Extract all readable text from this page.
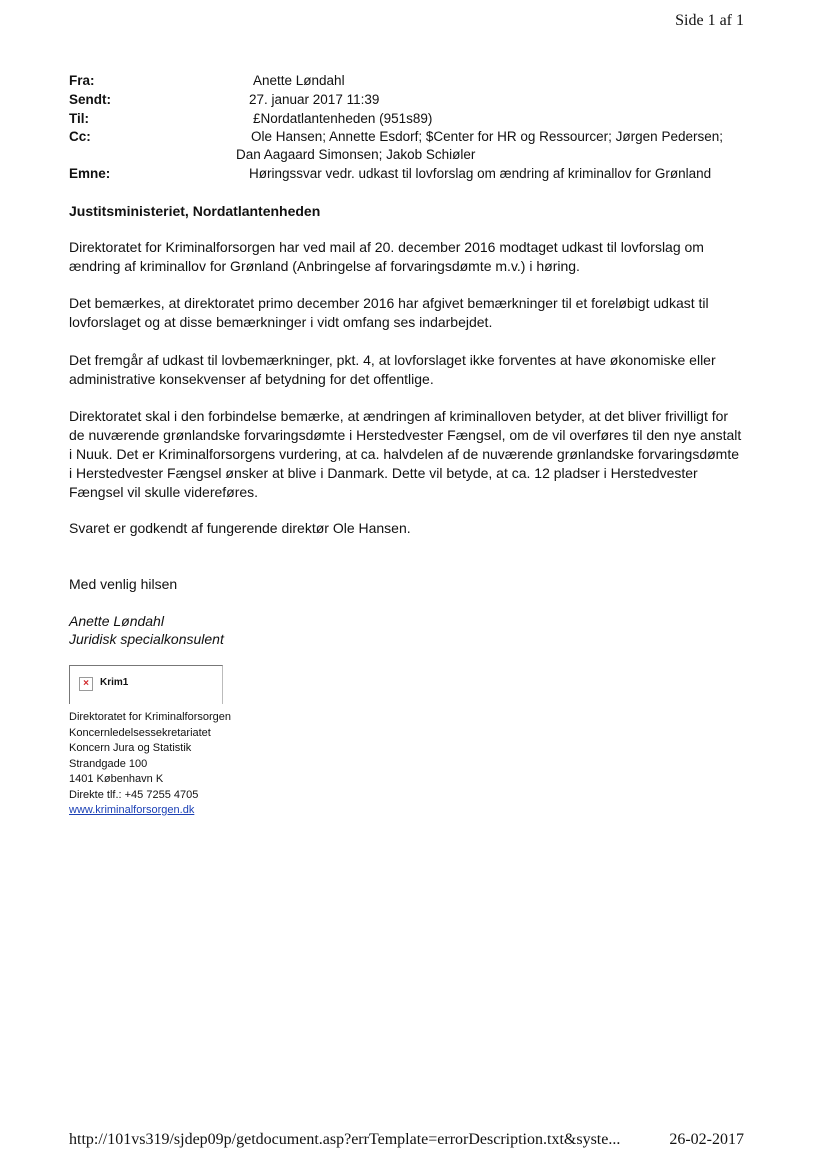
Side 1 af 1
Fra:	Anette Løndahl
Sendt:	27. januar 2017 11:39
Til:	£Nordatlantenheden (951s89)
Cc:	Ole Hansen; Annette Esdorf; $Center for HR og Ressourcer; Jørgen Pedersen;
Dan Aagaard Simonsen; Jakob Schiøler
Emne:	Høringssvar vedr. udkast til lovforslag om ændring af kriminallov for Grønland
Justitsministeriet, Nordatlantenheden
Direktoratet for Kriminalforsorgen har ved mail af 20. december 2016 modtaget udkast til lovforslag om
ændring af kriminallov for Grønland (Anbringelse af forvaringsdømte m.v.) i høring.
Det bemærkes, at direktoratet primo december 2016 har afgivet bemærkninger til et foreløbigt udkast til
lovforslaget og at disse bemærkninger i vidt omfang ses indarbejdet.
Det fremgår af udkast til lovbemærkninger, pkt. 4, at lovforslaget ikke forventes at have økonomiske eller
administrative konsekvenser af betydning for det offentlige.
Direktoratet skal i den forbindelse bemærke, at ændringen af kriminalloven betyder, at det bliver frivilligt for
de nuværende grønlandske forvaringsdømte i Herstedvester Fængsel, om de vil overføres til den nye anstalt
i Nuuk. Det er Kriminalforsorgens vurdering, at ca. halvdelen af de nuværende grønlandske forvaringsdømte
i Herstedvester Fængsel ønsker at blive i Danmark. Dette vil betyde, at ca. 12 pladser i Herstedvester
Fængsel vil skulle videreføres.
Svaret er godkendt af fungerende direktør Ole Hansen.
Med venlig hilsen
Anette Løndahl
Juridisk specialkonsulent
×	Krim1
Direktoratet for Kriminalforsorgen
Koncernledelsessekretariatet
Koncern Jura og Statistik
Strandgade 100
1401 København K
Direkte tlf.: +45 7255 4705
www.kriminalforsorgen.dk
http://101vs319/sjdep09p/getdocument.asp?errTemplate=errorDescription.txt&syste...	26-02-2017
